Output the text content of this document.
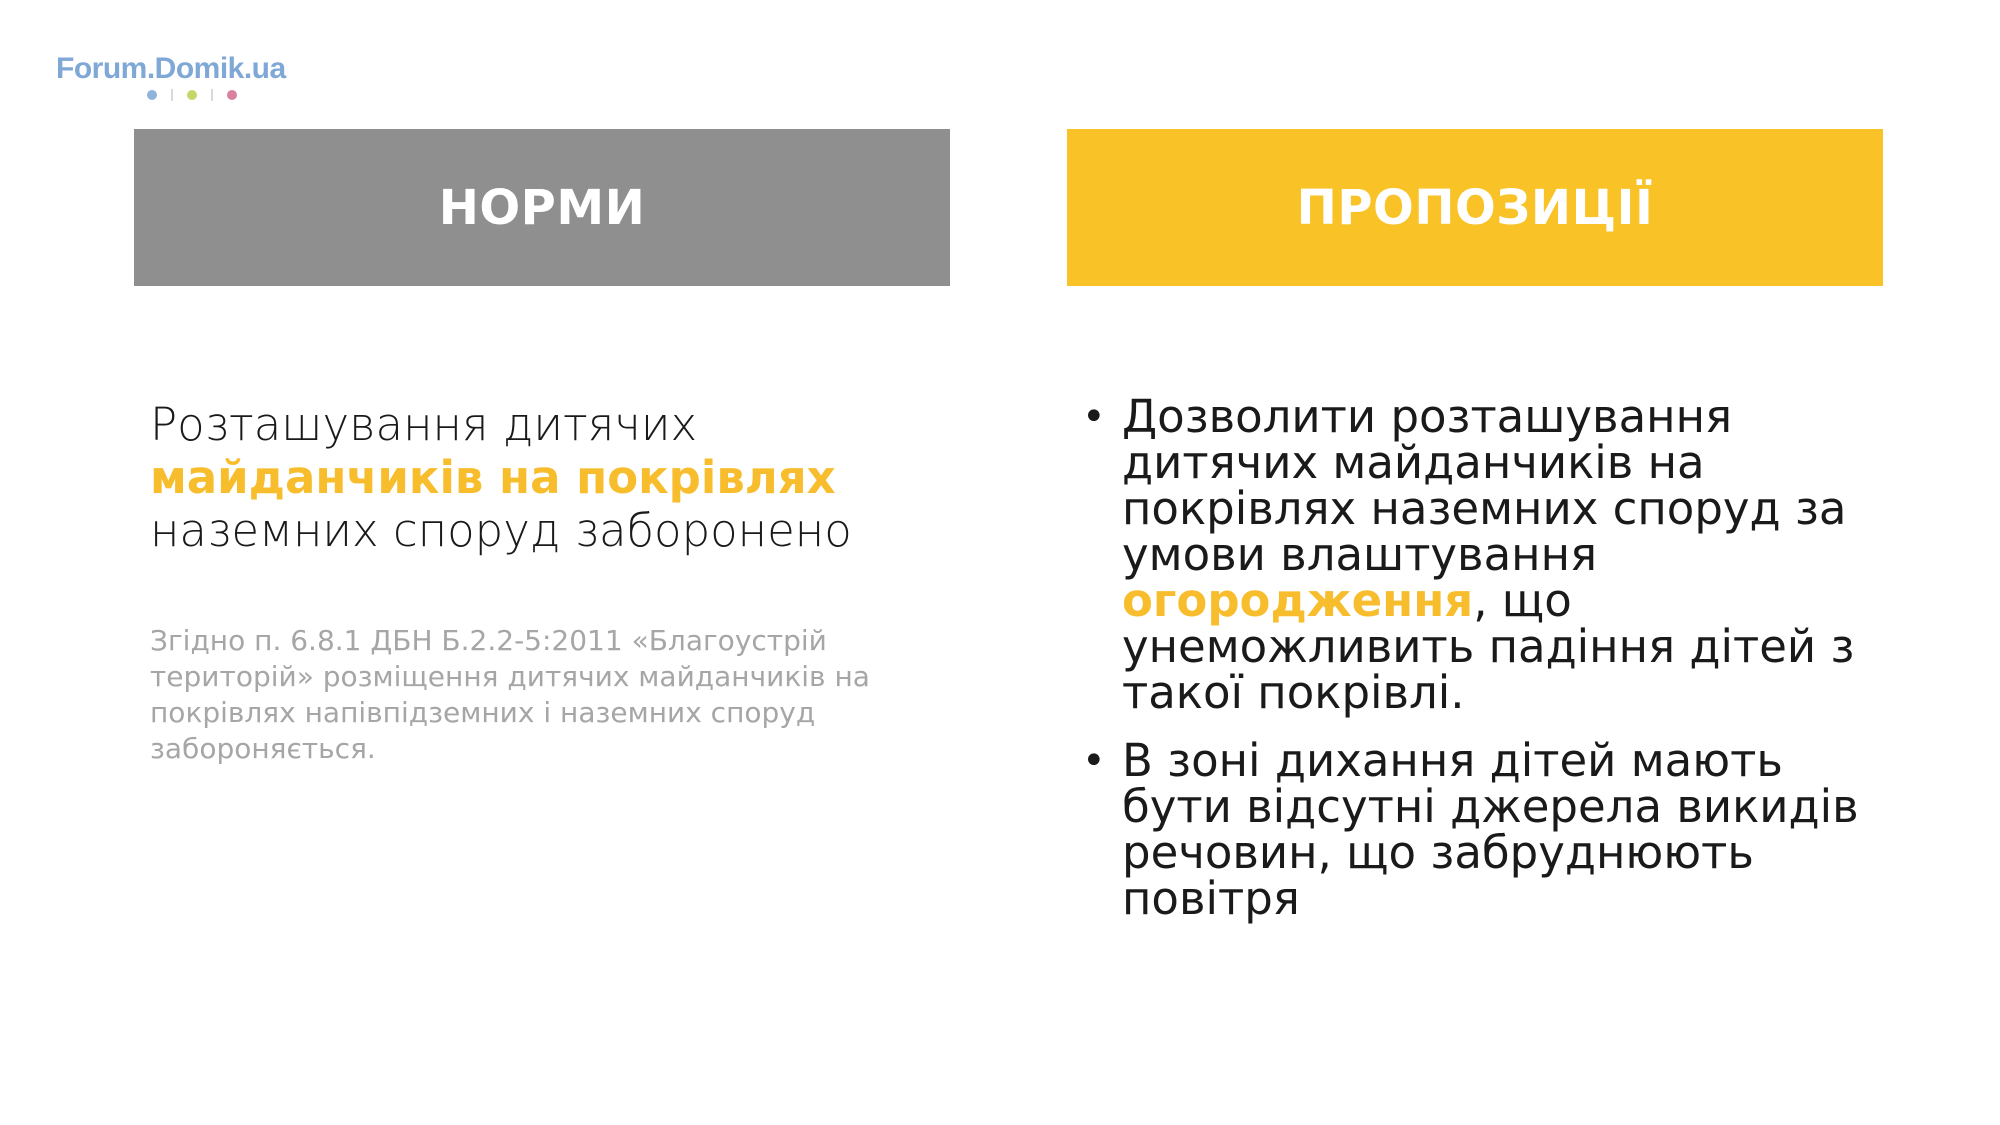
Forum.Domik.ua
НОРМИ	ПРОПОЗИЦІЇ
Розташування дитячих майданчиків на покрівлях наземних споруд заборонено
Згідно п. 6.8.1 ДБН Б.2.2-5:2011 «Благоустрій територій» розміщення дитячих майданчиків на покрівлях напівпідземних і наземних споруд забороняється.
• Дозволити розташування дитячих майданчиків на покрівлях наземних споруд за умови влаштування огородження, що унеможливить падіння дітей з такої покрівлі.
• В зоні дихання дітей мають бути відсутні джерела викидів речовин, що забруднюють повітря
